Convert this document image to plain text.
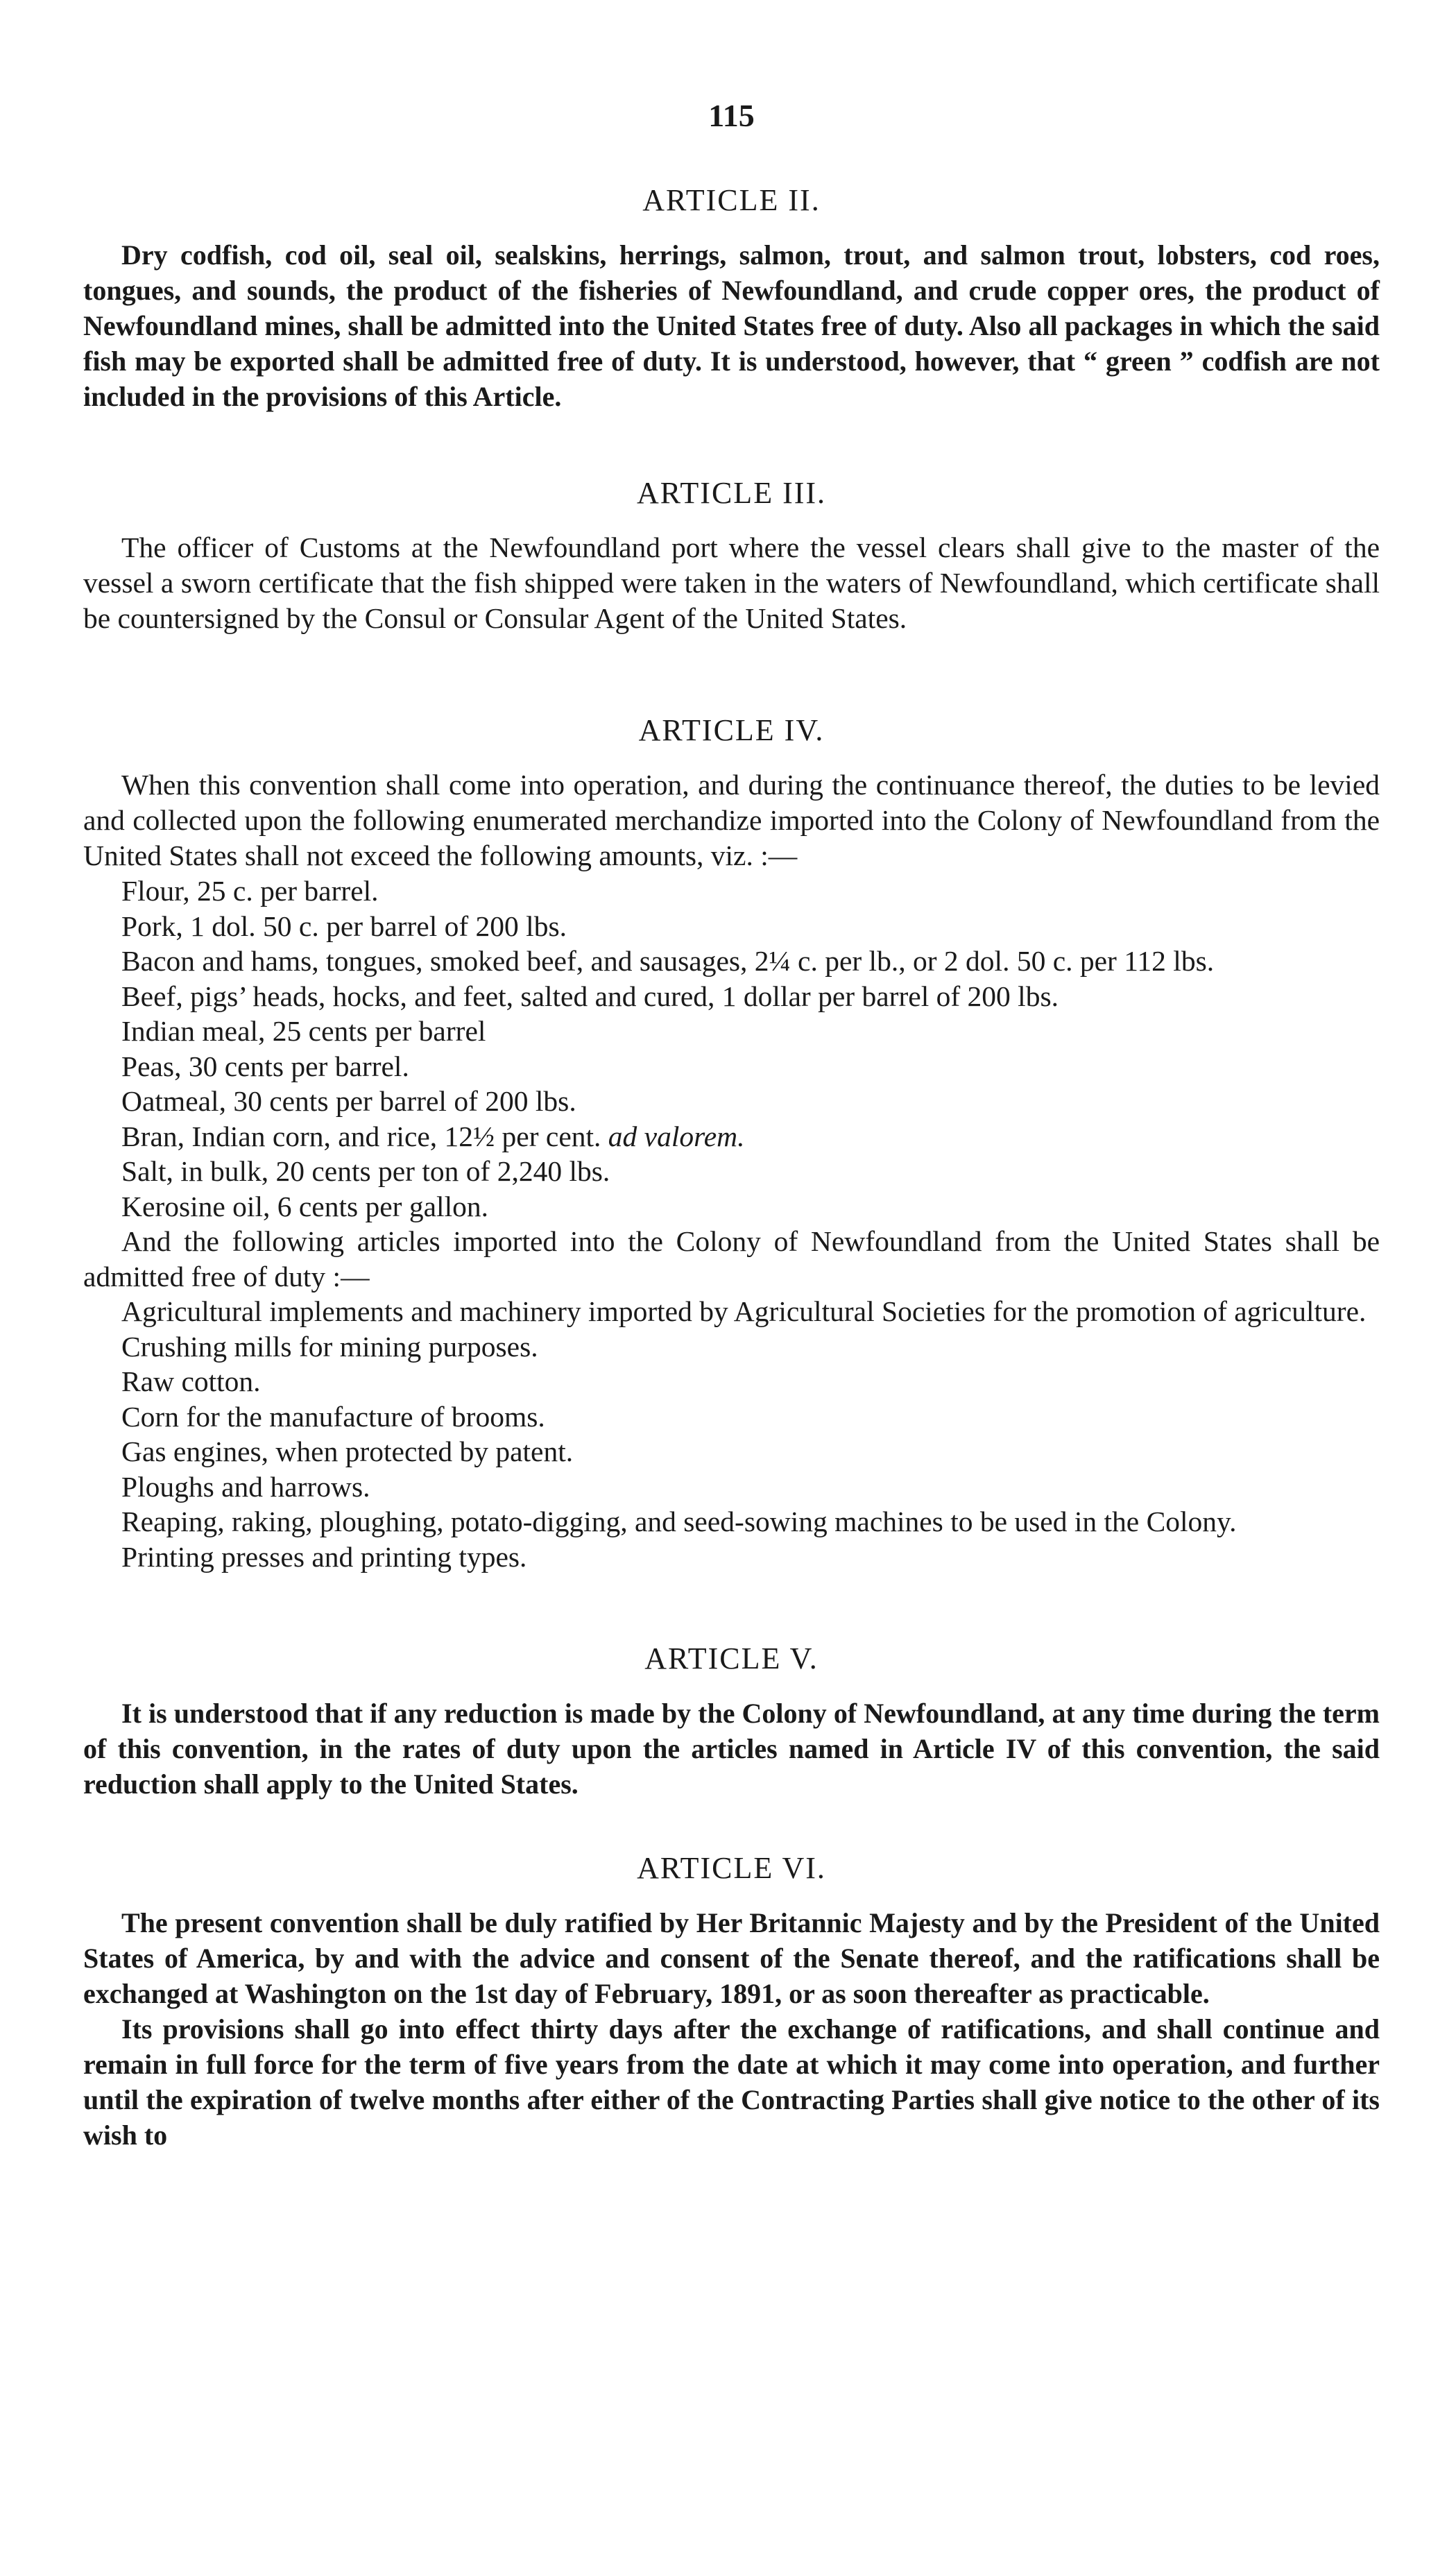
115
ARTICLE II.

Dry codfish, cod oil, seal oil, sealskins, herrings, salmon, trout, and salmon trout, lobsters, cod roes, tongues, and sounds, the product of the fisheries of Newfoundland, and crude copper ores, the product of Newfoundland mines, shall be admitted into the United States free of duty. Also all packages in which the said fish may be exported shall be admitted free of duty. It is understood, however, that “ green ” codfish are not included in the provisions of this Article.

ARTICLE III.

The officer of Customs at the Newfoundland port where the vessel clears shall give to the master of the vessel a sworn certificate that the fish shipped were taken in the waters of Newfoundland, which certificate shall be countersigned by the Consul or Consular Agent of the United States.

ARTICLE IV.

When this convention shall come into operation, and during the continuance thereof, the duties to be levied and collected upon the following enumerated merchandize imported into the Colony of Newfoundland from the United States shall not exceed the following amounts, viz. :—

Flour, 25 c. per barrel.
Pork, 1 dol. 50 c. per barrel of 200 lbs.
Bacon and hams, tongues, smoked beef, and sausages, 2¼ c. per lb., or 2 dol. 50 c. per 112 lbs.
Beef, pigs’ heads, hocks, and feet, salted and cured, 1 dollar per barrel of 200 lbs.
Indian meal, 25 cents per barrel
Peas, 30 cents per barrel.
Oatmeal, 30 cents per barrel of 200 lbs.
Bran, Indian corn, and rice, 12½ per cent. ad valorem.
Salt, in bulk, 20 cents per ton of 2,240 lbs.
Kerosine oil, 6 cents per gallon.
And the following articles imported into the Colony of Newfoundland from the United States shall be admitted free of duty :—
Agricultural implements and machinery imported by Agricultural Societies for the promotion of agriculture.
Crushing mills for mining purposes.
Raw cotton.
Corn for the manufacture of brooms.
Gas engines, when protected by patent.
Ploughs and harrows.
Reaping, raking, ploughing, potato-digging, and seed-sowing machines to be used in the Colony.
Printing presses and printing types.
ARTICLE V.

It is understood that if any reduction is made by the Colony of Newfoundland, at any time during the term of this convention, in the rates of duty upon the articles named in Article IV of this convention, the said reduction shall apply to the United States.

ARTICLE VI.

The present convention shall be duly ratified by Her Britannic Majesty and by the President of the United States of America, by and with the advice and consent of the Senate thereof, and the ratifications shall be exchanged at Washington on the 1st day of February, 1891, or as soon thereafter as practicable.

Its provisions shall go into effect thirty days after the exchange of ratifications, and shall continue and remain in full force for the term of five years from the date at which it may come into operation, and further until the expiration of twelve months after either of the Contracting Parties shall give notice to the other of its wish to
